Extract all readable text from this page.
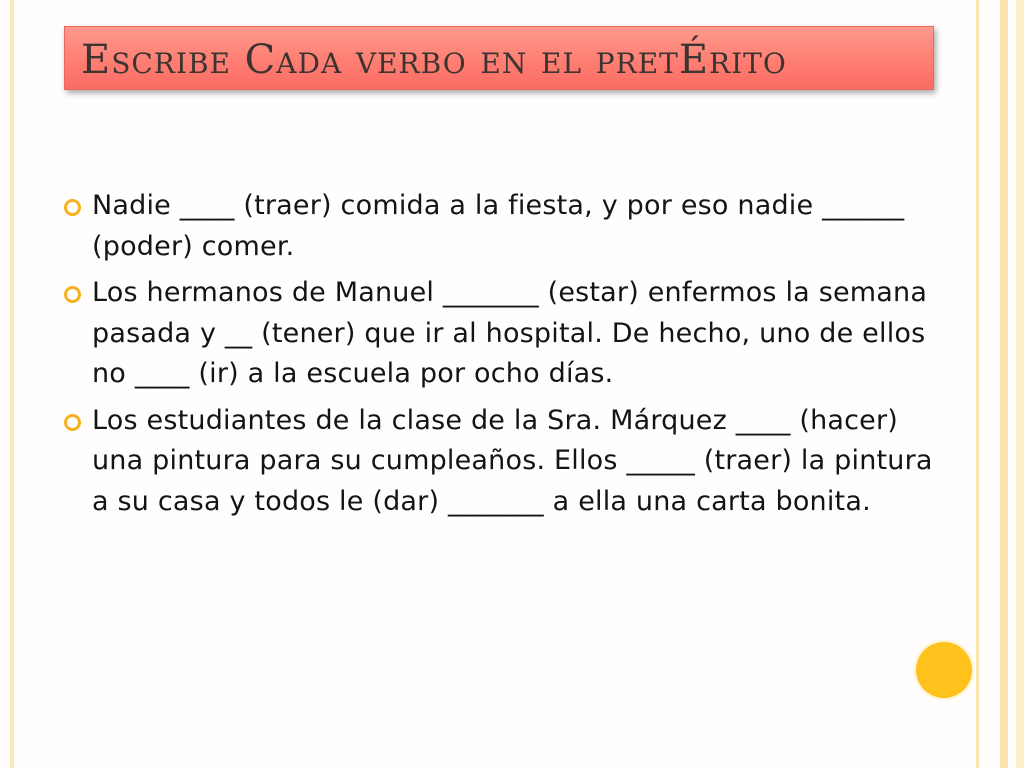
Escribe Cada verbo en el pretÉrito
Nadie ____ (traer) comida a la fiesta, y por eso nadie ______ (poder) comer.
Los hermanos de Manuel _______ (estar) enfermos la semana pasada y __ (tener) que ir al hospital. De hecho, uno de ellos no ____ (ir) a la escuela por ocho días.
Los estudiantes de la clase de la Sra. Márquez ____ (hacer) una pintura para su cumpleaños. Ellos _____ (traer) la pintura a su casa y todos le (dar) _______ a ella una carta bonita.
